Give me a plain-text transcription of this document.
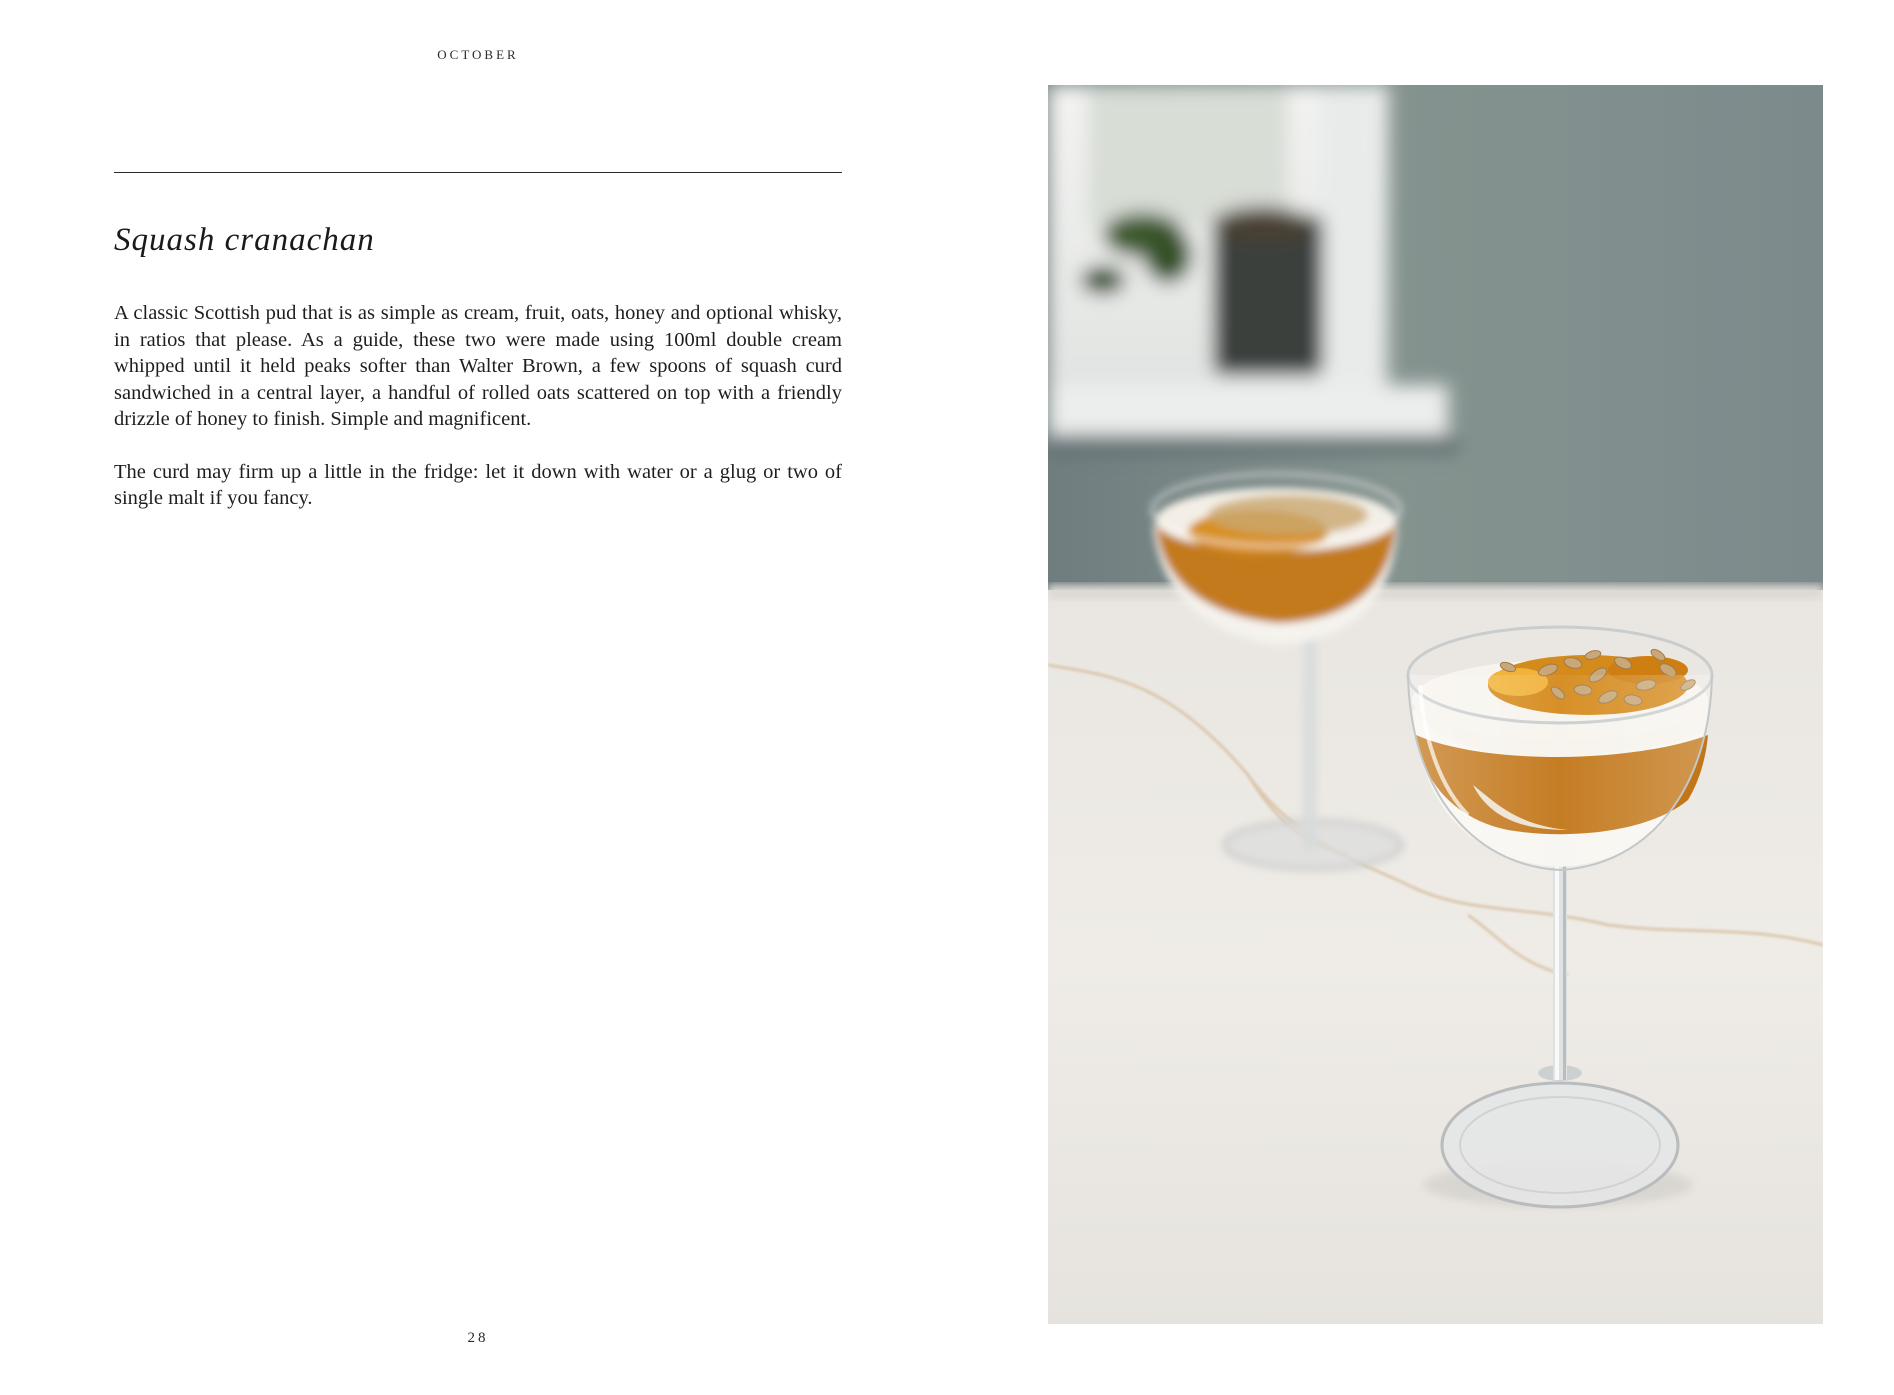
OCTOBER
Squash cranachan

A classic Scottish pud that is as simple as cream, fruit, oats, honey and optional whisky, in ratios that please. As a guide, these two were made using 100ml double cream whipped until it held peaks softer than Walter Brown, a few spoons of squash curd sandwiched in a central layer, a handful of rolled oats scattered on top with a friendly drizzle of honey to finish. Simple and magnificent.

The curd may firm up a little in the fridge: let it down with water or a glug or two of single malt if you fancy.

28
